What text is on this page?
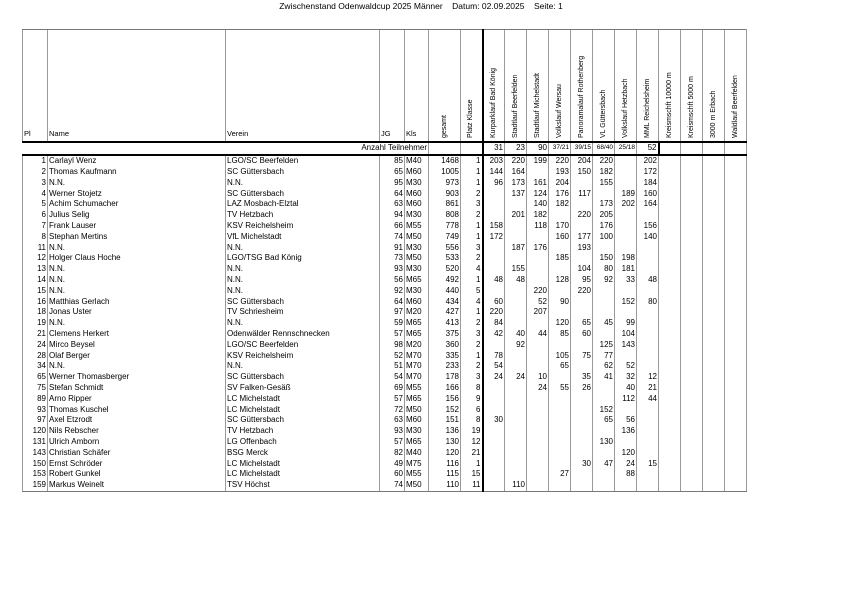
Zwischenstand Odenwaldcup 2025 Männer Datum: 02.09.2025 Seite: 1
Pl	Name	Verein	JG	Kls	gesamt	Platz Klasse	Kurparklauf Bad König	Stadtlauf Beerfelden	Stadtlauf Michelstadt	Volkslauf Wersau	Panoramalauf Rothenberg	VL Güttersbach	Volkslauf Hetzbach	MML Reichelsheim	Kreismschft 10000 m	Kreismschft 5000 m	3000 m Erbach	Waldlauf Beerfelden

Anzahl Teilnehmer							31	23	90	37/21	39/15	68/40	25/18	52				
1	Carlayl Wenz	LGO/SC Beerfelden	85	M40	1468	1	203	220	199	220	204	220		202				
2	Thomas Kaufmann	SC Güttersbach	65	M60	1005	1	144	164		193	150	182		172				
3	N.N.	N.N.	95	M30	973	1	96	173	161	204		155		184				
4	Werner Stojetz	SC Güttersbach	64	M60	903	2		137	124	176	117		189	160				
5	Achim Schumacher	LAZ Mosbach-Elztal	63	M60	861	3			140	182		173	202	164				
6	Julius Selig	TV Hetzbach	94	M30	808	2		201	182		220	205						
7	Frank Lauser	KSV Reichelsheim	66	M55	778	1	158		118	170		176		156				
8	Stephan Mertins	VfL Michelstadt	74	M50	749	1	172			160	177	100		140				
11	N.N.	N.N.	91	M30	556	3		187	176		193							
12	Holger Claus Hoche	LGO/TSG Bad König	73	M50	533	2				185		150	198					
13	N.N.	N.N.	93	M30	520	4		155			104	80	181					
14	N.N.	N.N.	56	M65	492	1	48	48		128	95	92	33	48				
15	N.N.	N.N.	92	M30	440	5			220		220							
16	Matthias Gerlach	SC Güttersbach	64	M60	434	4	60		52	90			152	80				
18	Jonas Uster	TV Schriesheim	97	M20	427	1	220		207									
19	N.N.	N.N.	59	M65	413	2	84			120	65	45	99					
21	Clemens Herkert	Odenwälder Rennschnecken	57	M65	375	3	42	40	44	85	60		104					
24	Mirco Beysel	LGO/SC Beerfelden	98	M20	360	2		92				125	143					
28	Olaf Berger	KSV Reichelsheim	52	M70	335	1	78			105	75	77						
34	N.N.	N.N.	51	M70	233	2	54			65		62	52					
65	Werner Thomasberger	SC Güttersbach	54	M70	178	3	24	24	10		35	41	32	12				
75	Stefan Schmidt	SV Falken-Gesäß	69	M55	166	8			24	55	26		40	21				
89	Arno Ripper	LC Michelstadt	57	M65	156	9							112	44				
93	Thomas Kuschel	LC Michelstadt	72	M50	152	6						152						
97	Axel Etzrodt	SC Güttersbach	63	M60	151	8	30					65	56					
120	Nils Rebscher	TV Hetzbach	93	M30	136	19							136					
131	Ulrich Amborn	LG Offenbach	57	M65	130	12						130						
143	Christian Schäfer	BSG Merck	82	M40	120	21							120					
150	Ernst Schröder	LC Michelstadt	49	M75	116	1					30	47	24	15				
153	Robert Gunkel	LC Michelstadt	60	M55	115	15				27			88					
159	Markus Weinelt	TSV Höchst	74	M50	110	11		110										
